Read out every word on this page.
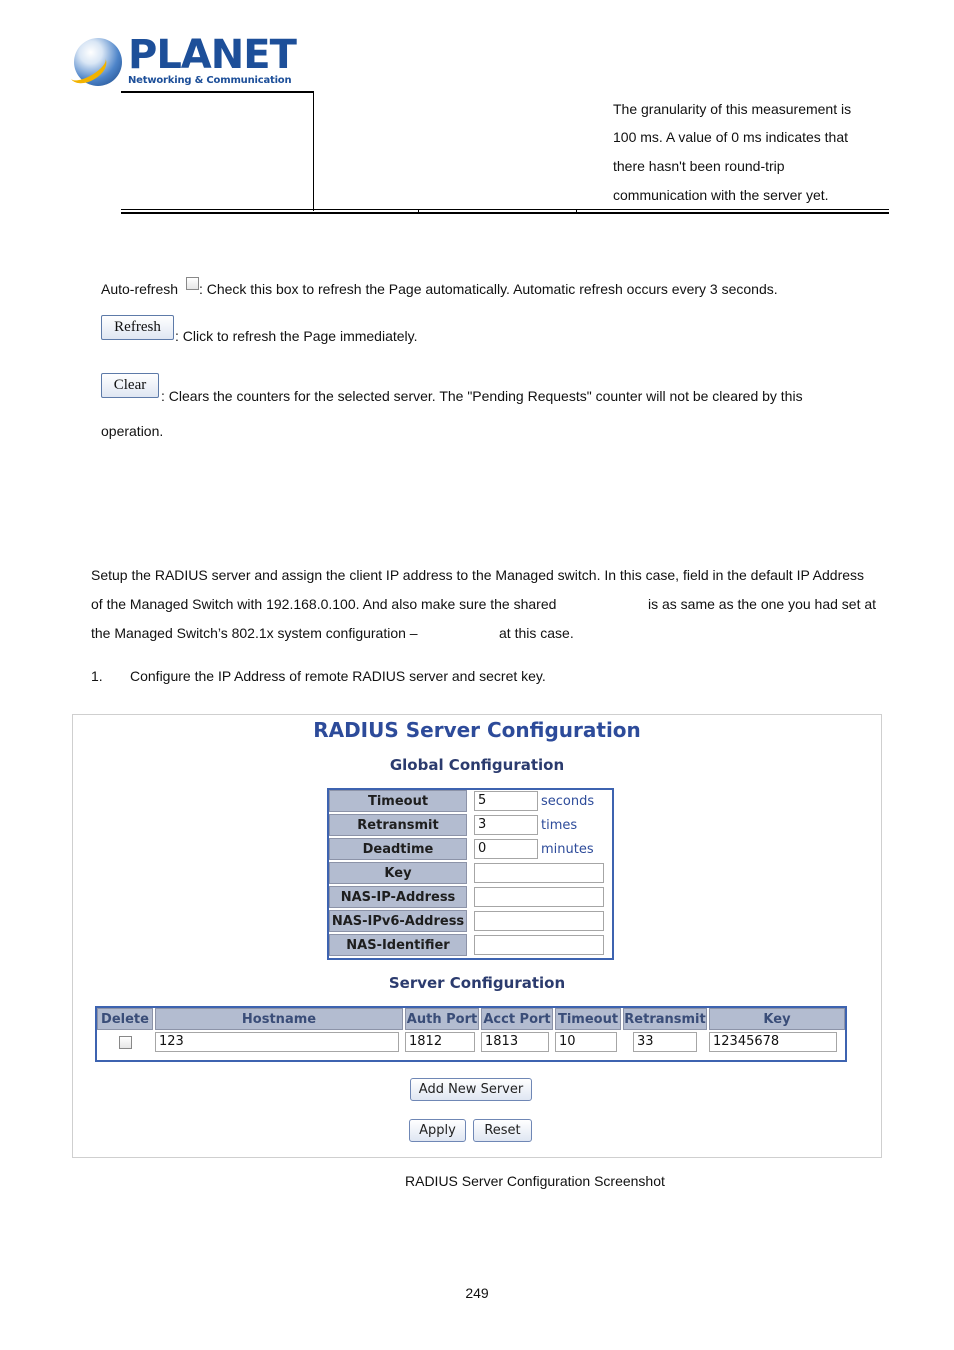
PLANET
Networking & Communication
The granularity of this measurement is
100 ms. A value of 0 ms indicates that
there hasn't been round-trip
communication with the server yet.
Auto-refresh : Check this box to refresh the Page automatically. Automatic refresh occurs every 3 seconds.
Refresh
: Click to refresh the Page immediately.
Clear
: Clears the counters for the selected server. The "Pending Requests" counter will not be cleared by this
operation.
Setup the RADIUS server and assign the client IP address to the Managed switch. In this case, field in the default IP Address
of the Managed Switch with 192.168.0.100. And also make sure the shared	is as same as the one you had set at
the Managed Switch’s 802.1x system configuration –	at this case.
1. Configure the IP Address of remote RADIUS server and secret key.
RADIUS Server Configuration
Global Configuration
Timeout	5 seconds
Retransmit	3 times
Deadtime	0 minutes
Key	
NAS-IP-Address	
NAS-IPv6-Address	
NAS-Identifier	
Server Configuration
Delete	Hostname	Auth Port	Acct Port	Timeout	Retransmit	Key
	123	1812	1813	10	33	12345678
Add New Server
Apply	Reset
RADIUS Server Configuration Screenshot
249
